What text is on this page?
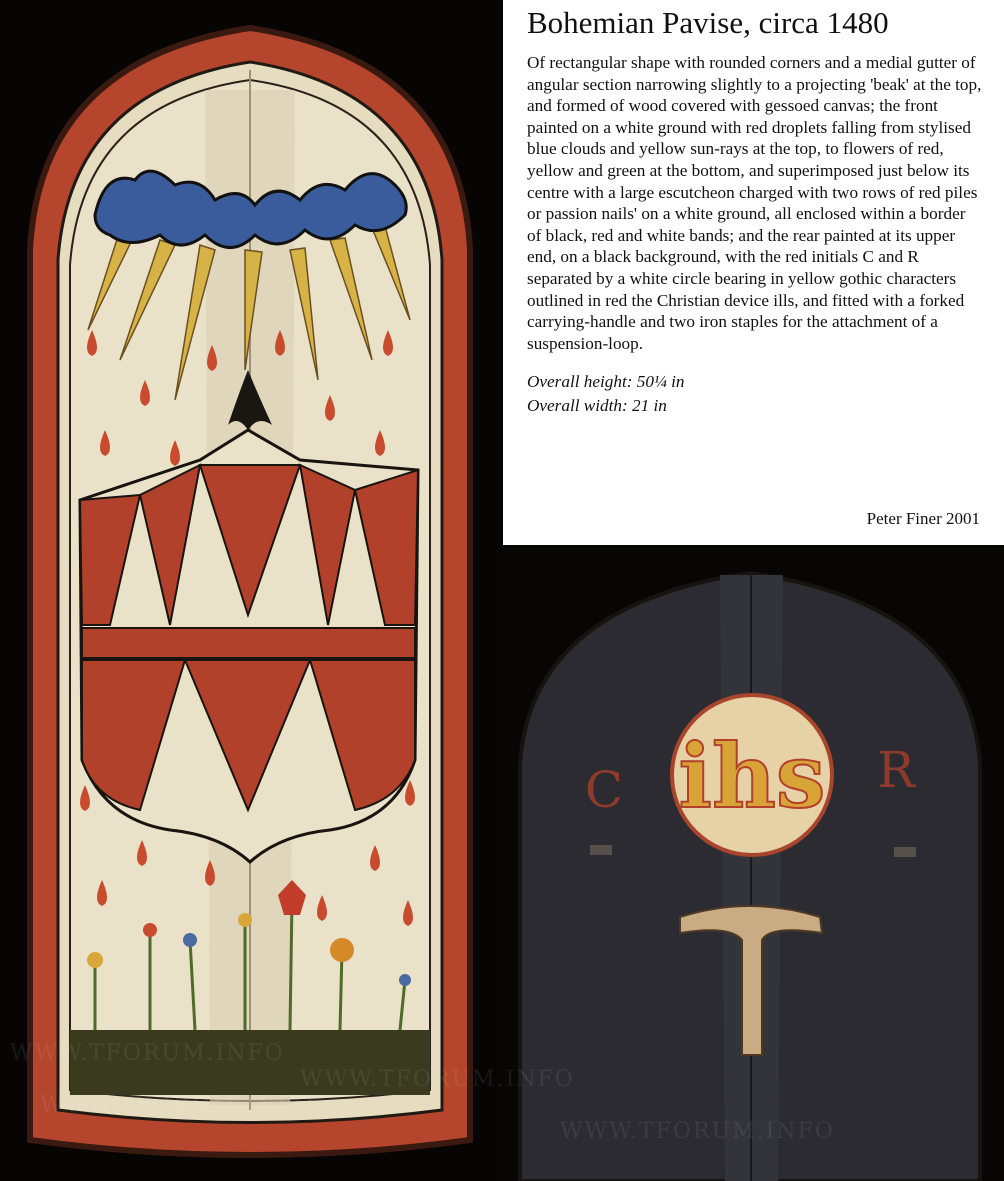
Bohemian Pavise, circa 1480

Of rectangular shape with rounded corners and a medial gutter of angular section narrowing slightly to a projecting 'beak' at the top, and formed of wood covered with gessoed canvas; the front painted on a white ground with red droplets falling from stylised blue clouds and yellow sun-rays at the top, to flowers of red, yellow and green at the bottom, and superimposed just below its centre with a large escutcheon charged with two rows of red piles or passion nails' on a white ground, all enclosed within a border of black, red and white bands; and the rear painted at its upper end, on a black background, with the red initials C and R separated by a white circle bearing in yellow gothic characters outlined in red the Christian device ills, and fitted with a forked carrying-handle and two iron staples for the attachment of a suspension-loop.

Overall height: 50¼ in
Overall width: 21 in
Peter Finer 2001
ihs
C	R
